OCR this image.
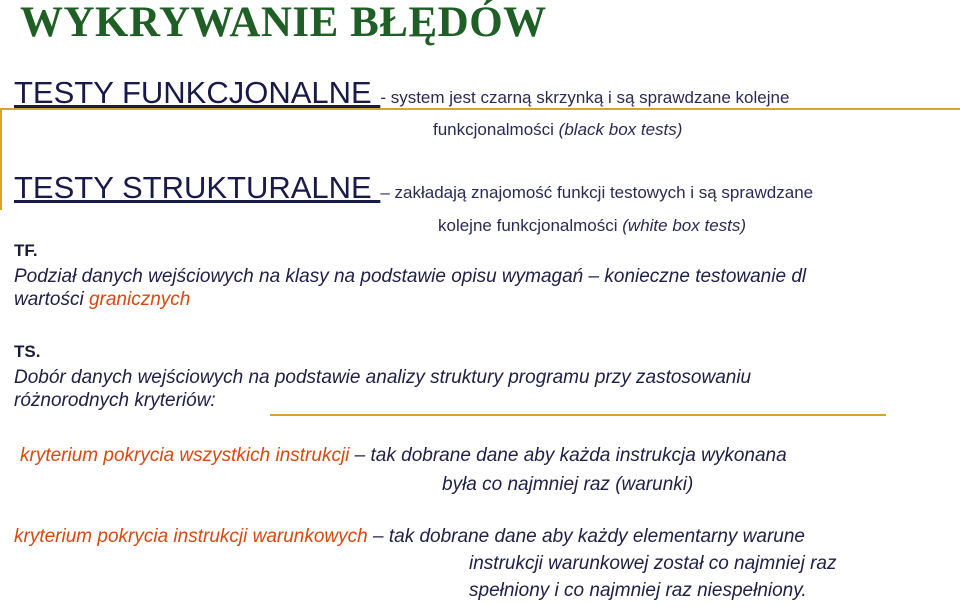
WYKRYWANIE BŁĘDÓW
TESTY FUNKCJONALNE - system jest czarną skrzynką i są sprawdzane kolejne
funkcjonalmości (black box tests)
TESTY STRUKTURALNE – zakładają znajomość funkcji testowych i są sprawdzane
kolejne funkcjonalmości (white box tests)
TF.
Podział danych wejściowych na klasy na podstawie opisu wymagań – konieczne testowanie dl
wartości granicznych
TS.
Dobór danych wejściowych na podstawie analizy struktury programu przy zastosowaniu
różnorodnych kryteriów:
kryterium pokrycia wszystkich instrukcji – tak dobrane dane aby każda instrukcja wykonana
była co najmniej raz (warunki)
kryterium pokrycia instrukcji warunkowych – tak dobrane dane aby każdy elementarny warune
instrukcji warunkowej został co najmniej raz
spełniony i co najmniej raz niespełniony.
